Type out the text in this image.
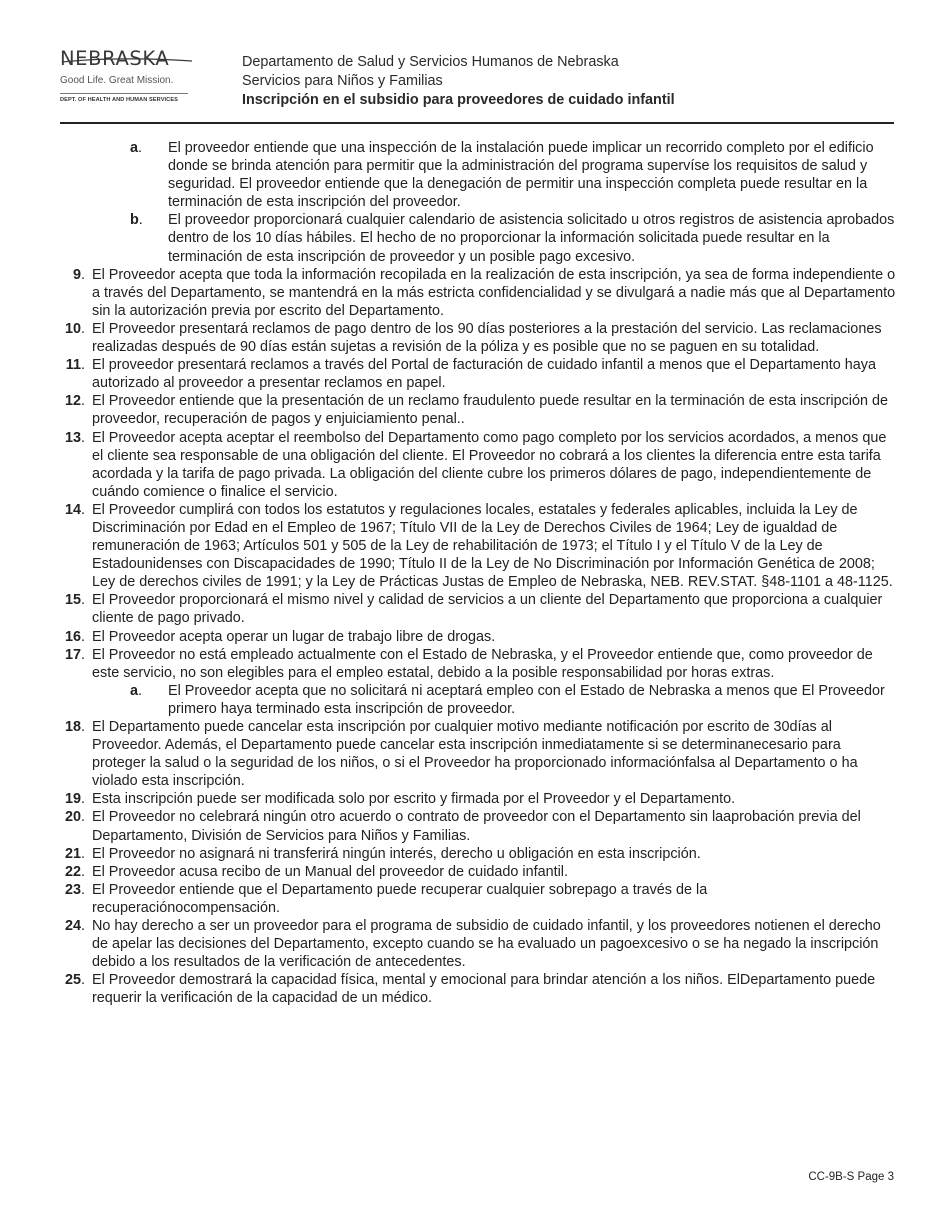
NEBRASKA
Good Life. Great Mission.
DEPT. OF HEALTH AND HUMAN SERVICES
Departamento de Salud y Servicios Humanos de Nebraska
Servicios para Niños y Familias
Inscripción en el subsidio para proveedores de cuidado infantil
a. El proveedor entiende que una inspección de la instalación puede implicar un recorrido completo por el edificio donde se brinda atención para permitir que la administración del programa supervíse los requisitos de salud y seguridad. El proveedor entiende que la denegación de permitir una inspección completa puede resultar en la terminación de esta inscripción del proveedor.
b. El proveedor proporcionará cualquier calendario de asistencia solicitado u otros registros de asistencia aprobados dentro de los 10 días hábiles. El hecho de no proporcionar la información solicitada puede resultar en la terminación de esta inscripción de proveedor y un posible pago excesivo.
9. El Proveedor acepta que toda la información recopilada en la realización de esta inscripción, ya sea de forma independiente o a través del Departamento, se mantendrá en la más estricta confidencialidad y se divulgará a nadie más que al Departamento sin la autorización previa por escrito del Departamento.
10. El Proveedor presentará reclamos de pago dentro de los 90 días posteriores a la prestación del servicio. Las reclamaciones realizadas después de 90 días están sujetas a revisión de la póliza y es posible que no se paguen en su totalidad.
11. El proveedor presentará reclamos a través del Portal de facturación de cuidado infantil a menos que el Departamento haya autorizado al proveedor a presentar reclamos en papel.
12. El Proveedor entiende que la presentación de un reclamo fraudulento puede resultar en la terminación de esta inscripción de proveedor, recuperación de pagos y enjuiciamiento penal..
13. El Proveedor acepta aceptar el reembolso del Departamento como pago completo por los servicios acordados, a menos que el cliente sea responsable de una obligación del cliente. El Proveedor no cobrará a los clientes la diferencia entre esta tarifa acordada y la tarifa de pago privada. La obligación del cliente cubre los primeros dólares de pago, independientemente de cuándo comience o finalice el servicio.
14. El Proveedor cumplirá con todos los estatutos y regulaciones locales, estatales y federales aplicables, incluida la Ley de Discriminación por Edad en el Empleo de 1967; Título VII de la Ley de Derechos Civiles de 1964; Ley de igualdad de remuneración de 1963; Artículos 501 y 505 de la Ley de rehabilitación de 1973; el Título I y el Título V de la Ley de Estadounidenses con Discapacidades de 1990; Título II de la Ley de No Discriminación por Información Genética de 2008; Ley de derechos civiles de 1991; y la Ley de Prácticas Justas de Empleo de Nebraska, NEB. REV.STAT. §48-1101 a 48-1125.
15. El Proveedor proporcionará el mismo nivel y calidad de servicios a un cliente del Departamento que proporciona a cualquier cliente de pago privado.
16. El Proveedor acepta operar un lugar de trabajo libre de drogas.
17. El Proveedor no está empleado actualmente con el Estado de Nebraska, y el Proveedor entiende que, como proveedor de este servicio, no son elegibles para el empleo estatal, debido a la posible responsabilidad por horas extras.
a. El Proveedor acepta que no solicitará ni aceptará empleo con el Estado de Nebraska a menos que El Proveedor primero haya terminado esta inscripción de proveedor.
18. El Departamento puede cancelar esta inscripción por cualquier motivo mediante notificación por escrito de 30días al Proveedor. Además, el Departamento puede cancelar esta inscripción inmediatamente si se determinanecesario para proteger la salud o la seguridad de los niños, o si el Proveedor ha proporcionado informaciónfalsa al Departamento o ha violado esta inscripción.
19. Esta inscripción puede ser modificada solo por escrito y firmada por el Proveedor y el Departamento.
20. El Proveedor no celebrará ningún otro acuerdo o contrato de proveedor con el Departamento sin laaprobación previa del Departamento, División de Servicios para Niños y Familias.
21. El Proveedor no asignará ni transferirá ningún interés, derecho u obligación en esta inscripción.
22. El Proveedor acusa recibo de un Manual del proveedor de cuidado infantil.
23. El Proveedor entiende que el Departamento puede recuperar cualquier sobrepago a través de la recuperaciónocompensación.
24. No hay derecho a ser un proveedor para el programa de subsidio de cuidado infantil, y los proveedores notienen el derecho de apelar las decisiones del Departamento, excepto cuando se ha evaluado un pagoexcesivo o se ha negado la inscripción debido a los resultados de la verificación de antecedentes.
25. El Proveedor demostrará la capacidad física, mental y emocional para brindar atención a los niños. ElDepartamento puede requerir la verificación de la capacidad de un médico.
CC-9B-S Page 3
